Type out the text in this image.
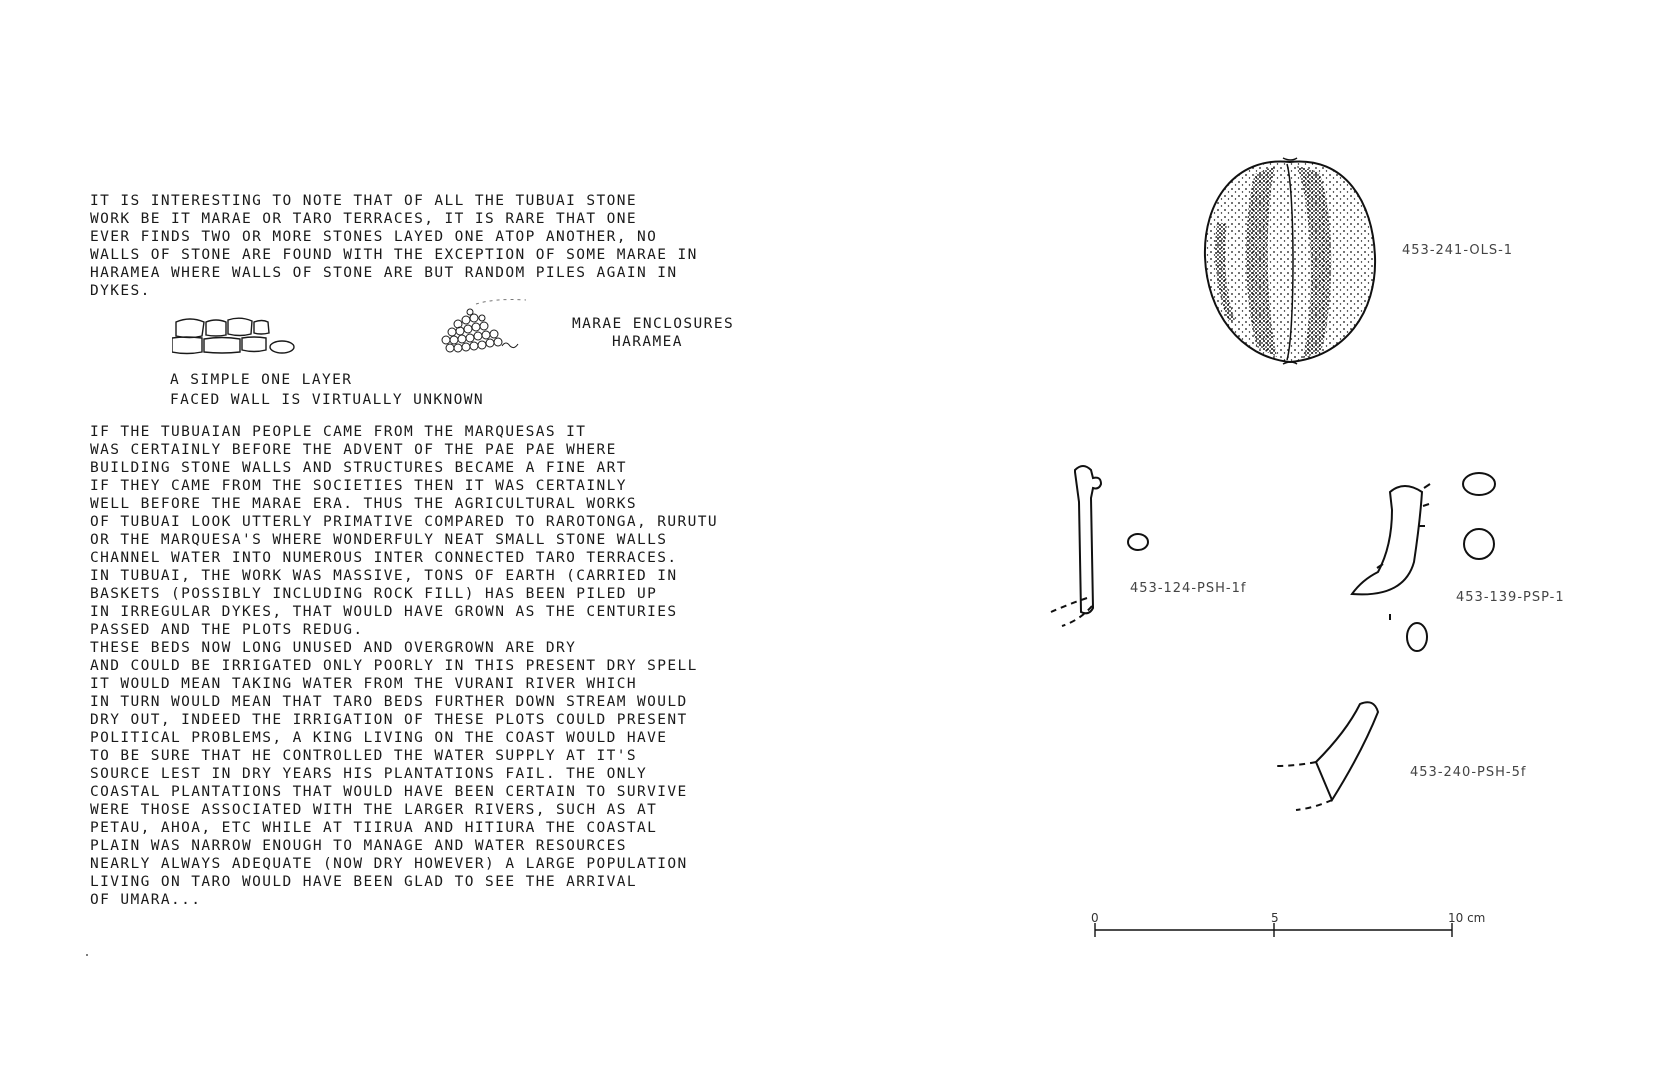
IT IS INTERESTING TO NOTE THAT OF ALL THE TUBUAI STONE
WORK BE IT MARAE OR TARO TERRACES, IT IS RARE THAT ONE
EVER FINDS TWO OR MORE STONES LAYED ONE ATOP ANOTHER, NO
WALLS OF STONE ARE FOUND WITH THE EXCEPTION OF SOME MARAE IN
HARAMEA WHERE WALLS OF STONE ARE BUT RANDOM PILES AGAIN IN
DYKES.
MARAE ENCLOSURES
HARAMEA
A SIMPLE ONE LAYER
FACED WALL IS VIRTUALLY UNKNOWN
IF THE TUBUAIAN PEOPLE CAME FROM THE MARQUESAS IT
WAS CERTAINLY BEFORE THE ADVENT OF THE PAE PAE WHERE
BUILDING STONE WALLS AND STRUCTURES BECAME A FINE ART
IF THEY CAME FROM THE SOCIETIES THEN IT WAS CERTAINLY
WELL BEFORE THE MARAE ERA. THUS THE AGRICULTURAL WORKS
OF TUBUAI LOOK UTTERLY PRIMATIVE COMPARED TO RAROTONGA, RURUTU
OR THE MARQUESA'S WHERE WONDERFULY NEAT SMALL STONE WALLS
CHANNEL WATER INTO NUMEROUS INTER CONNECTED TARO TERRACES.
IN TUBUAI, THE WORK WAS MASSIVE, TONS OF EARTH (CARRIED IN
BASKETS (POSSIBLY INCLUDING ROCK FILL) HAS BEEN PILED UP
IN IRREGULAR DYKES, THAT WOULD HAVE GROWN AS THE CENTURIES
PASSED AND THE PLOTS REDUG.
THESE BEDS NOW LONG UNUSED AND OVERGROWN ARE DRY
AND COULD BE IRRIGATED ONLY POORLY IN THIS PRESENT DRY SPELL
IT WOULD MEAN TAKING WATER FROM THE VURANI RIVER WHICH
IN TURN WOULD MEAN THAT TARO BEDS FURTHER DOWN STREAM WOULD
DRY OUT, INDEED THE IRRIGATION OF THESE PLOTS COULD PRESENT
POLITICAL PROBLEMS, A KING LIVING ON THE COAST WOULD HAVE
TO BE SURE THAT HE CONTROLLED THE WATER SUPPLY AT IT'S
SOURCE LEST IN DRY YEARS HIS PLANTATIONS FAIL. THE ONLY
COASTAL PLANTATIONS THAT WOULD HAVE BEEN CERTAIN TO SURVIVE
WERE THOSE ASSOCIATED WITH THE LARGER RIVERS, SUCH AS AT
PETAU, AHOA, ETC WHILE AT TIIRUA AND HITIURA THE COASTAL
PLAIN WAS NARROW ENOUGH TO MANAGE AND WATER RESOURCES
NEARLY ALWAYS ADEQUATE (NOW DRY HOWEVER) A LARGE POPULATION
LIVING ON TARO WOULD HAVE BEEN GLAD TO SEE THE ARRIVAL
OF UMARA...
453-241-OLS-1
453-124-PSH-1f
453-139-PSP-1
453-240-PSH-5f
0	5	10 cm
